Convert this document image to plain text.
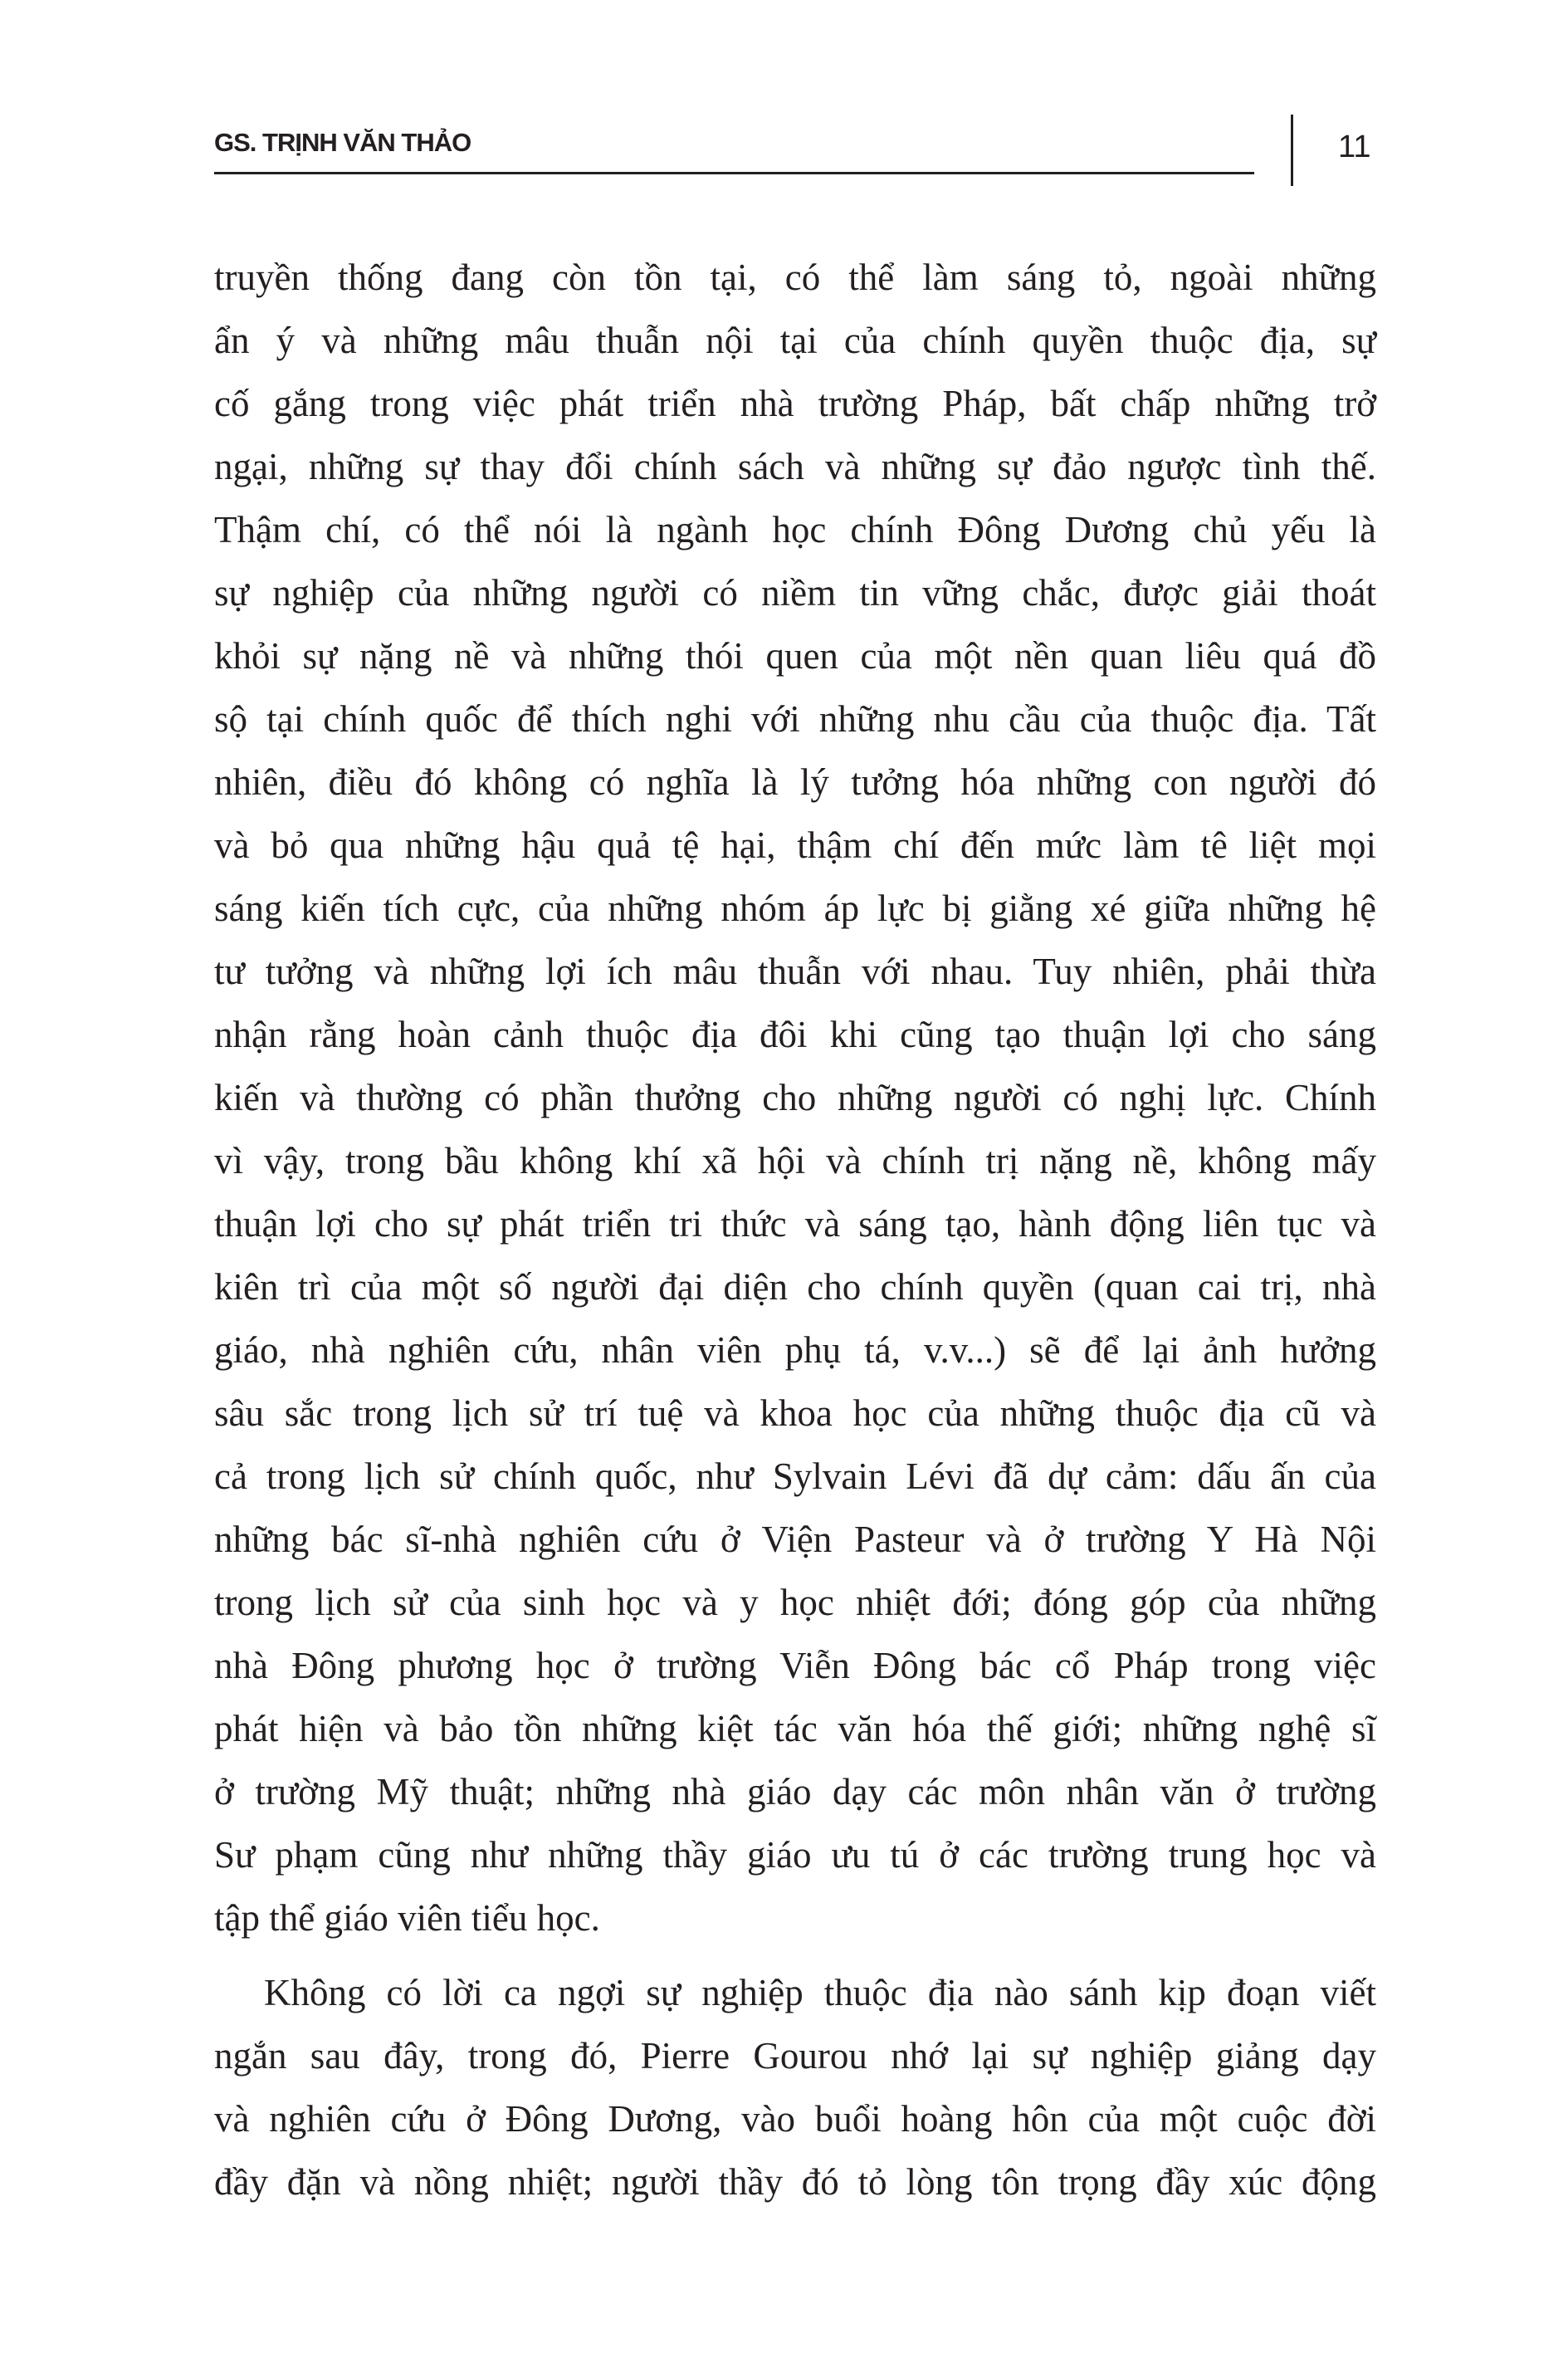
GS. TRỊNH VĂN THẢO	11
truyền thống đang còn tồn tại, có thể làm sáng tỏ, ngoài những
ẩn ý và những mâu thuẫn nội tại của chính quyền thuộc địa, sự
cố gắng trong việc phát triển nhà trường Pháp, bất chấp những trở
ngại, những sự thay đổi chính sách và những sự đảo ngược tình thế.
Thậm chí, có thể nói là ngành học chính Đông Dương chủ yếu là
sự nghiệp của những người có niềm tin vững chắc, được giải thoát
khỏi sự nặng nề và những thói quen của một nền quan liêu quá đồ
sộ tại chính quốc để thích nghi với những nhu cầu của thuộc địa. Tất
nhiên, điều đó không có nghĩa là lý tưởng hóa những con người đó
và bỏ qua những hậu quả tệ hại, thậm chí đến mức làm tê liệt mọi
sáng kiến tích cực, của những nhóm áp lực bị giằng xé giữa những hệ
tư tưởng và những lợi ích mâu thuẫn với nhau. Tuy nhiên, phải thừa
nhận rằng hoàn cảnh thuộc địa đôi khi cũng tạo thuận lợi cho sáng
kiến và thường có phần thưởng cho những người có nghị lực. Chính
vì vậy, trong bầu không khí xã hội và chính trị nặng nề, không mấy
thuận lợi cho sự phát triển tri thức và sáng tạo, hành động liên tục và
kiên trì của một số người đại diện cho chính quyền (quan cai trị, nhà
giáo, nhà nghiên cứu, nhân viên phụ tá, v.v...) sẽ để lại ảnh hưởng
sâu sắc trong lịch sử trí tuệ và khoa học của những thuộc địa cũ và
cả trong lịch sử chính quốc, như Sylvain Lévi đã dự cảm: dấu ấn của
những bác sĩ-nhà nghiên cứu ở Viện Pasteur và ở trường Y Hà Nội
trong lịch sử của sinh học và y học nhiệt đới; đóng góp của những
nhà Đông phương học ở trường Viễn Đông bác cổ Pháp trong việc
phát hiện và bảo tồn những kiệt tác văn hóa thế giới; những nghệ sĩ
ở trường Mỹ thuật; những nhà giáo dạy các môn nhân văn ở trường
Sư phạm cũng như những thầy giáo ưu tú ở các trường trung học và
tập thể giáo viên tiểu học.
Không có lời ca ngợi sự nghiệp thuộc địa nào sánh kịp đoạn viết
ngắn sau đây, trong đó, Pierre Gourou nhớ lại sự nghiệp giảng dạy
và nghiên cứu ở Đông Dương, vào buổi hoàng hôn của một cuộc đời
đầy đặn và nồng nhiệt; người thầy đó tỏ lòng tôn trọng đầy xúc động
